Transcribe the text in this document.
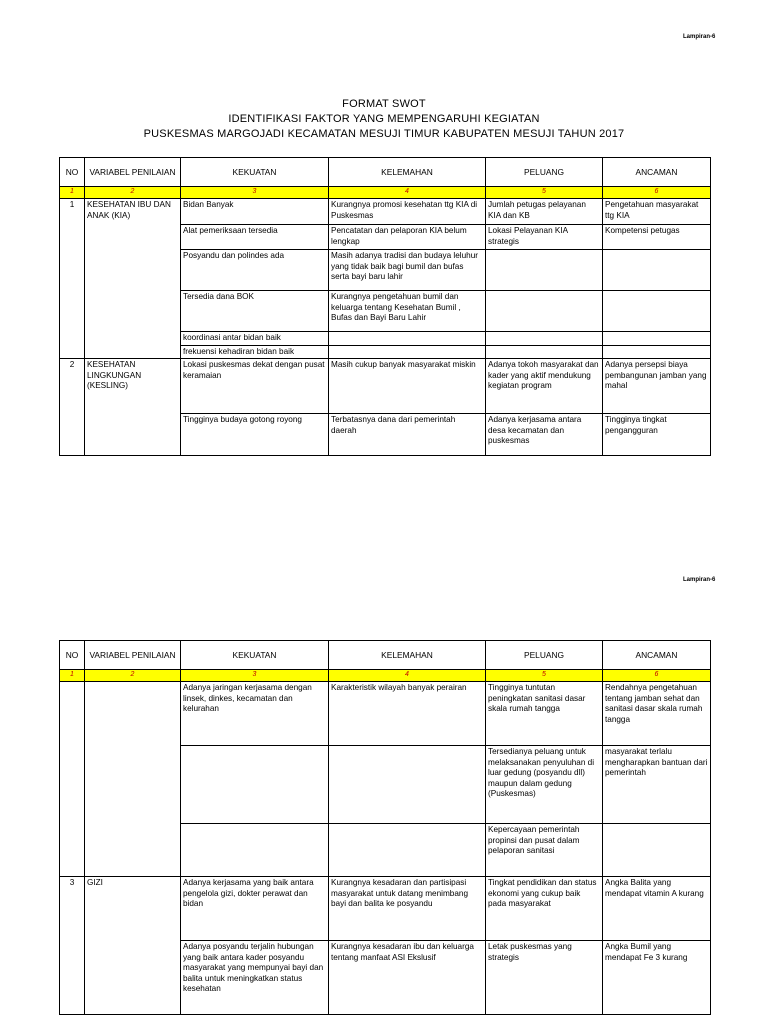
Lampiran-6
FORMAT SWOT
IDENTIFIKASI FAKTOR YANG MEMPENGARUHI KEGIATAN
PUSKESMAS MARGOJADI KECAMATAN MESUJI TIMUR KABUPATEN MESUJI TAHUN 2017
NO	VARIABEL PENILAIAN	KEKUATAN	KELEMAHAN	PELUANG	ANCAMAN
1	2	3	4	5	6
1	KESEHATAN IBU DAN ANAK (KIA)	Bidan Banyak	Kurangnya promosi kesehatan ttg KIA di Puskesmas	Jumlah petugas pelayanan KIA dan KB	Pengetahuan masyarakat ttg KIA
		Alat pemeriksaan tersedia	Pencatatan dan pelaporan KIA belum lengkap	Lokasi Pelayanan KIA strategis	Kompetensi petugas
		Posyandu dan polindes ada	Masih adanya tradisi dan budaya leluhur yang tidak baik bagi bumil dan bufas serta bayi baru lahir		
		Tersedia dana BOK	Kurangnya pengetahuan bumil dan keluarga tentang Kesehatan Bumil , Bufas dan Bayi Baru Lahir		
		koordinasi antar bidan baik			
		frekuensi kehadiran bidan baik			
2	KESEHATAN LINGKUNGAN (KESLING)	Lokasi puskesmas dekat dengan pusat keramaian	Masih cukup banyak masyarakat miskin	Adanya tokoh masyarakat dan kader yang aktif mendukung kegiatan program	Adanya persepsi biaya pembangunan jamban yang mahal
		Tingginya budaya gotong royong	Terbatasnya dana dari pemerintah daerah	Adanya kerjasama antara desa kecamatan dan puskesmas	Tingginya tingkat pengangguran
Lampiran-6
NO	VARIABEL PENILAIAN	KEKUATAN	KELEMAHAN	PELUANG	ANCAMAN
1	2	3	4	5	6
		Adanya jaringan kerjasama dengan linsek, dinkes, kecamatan dan kelurahan	Karakteristik wilayah banyak perairan	Tingginya tuntutan peningkatan sanitasi dasar skala rumah tangga	Rendahnya pengetahuan tentang jamban sehat dan sanitasi dasar skala rumah tangga
				Tersedianya peluang untuk melaksanakan penyuluhan di luar gedung (posyandu dll) maupun dalam gedung (Puskesmas)	masyarakat terlalu mengharapkan bantuan dari pemerintah
				Kepercayaan pemerintah propinsi dan pusat dalam pelaporan sanitasi	
3	GIZI	Adanya kerjasama yang baik antara pengelola gizi, dokter perawat dan bidan	Kurangnya kesadaran dan partisipasi masyarakat untuk datang menimbang bayi dan balita ke posyandu	Tingkat pendidikan dan status ekonomi yang cukup baik pada masyarakat	Angka Balita yang mendapat vitamin A kurang
		Adanya posyandu terjalin hubungan yang baik antara kader posyandu masyarakat yang mempunyai bayi dan balita untuk meningkatkan status kesehatan	Kurangnya kesadaran ibu dan keluarga tentang manfaat ASI Ekslusif	Letak puskesmas yang strategis	Angka Bumil yang mendapat Fe 3 kurang
